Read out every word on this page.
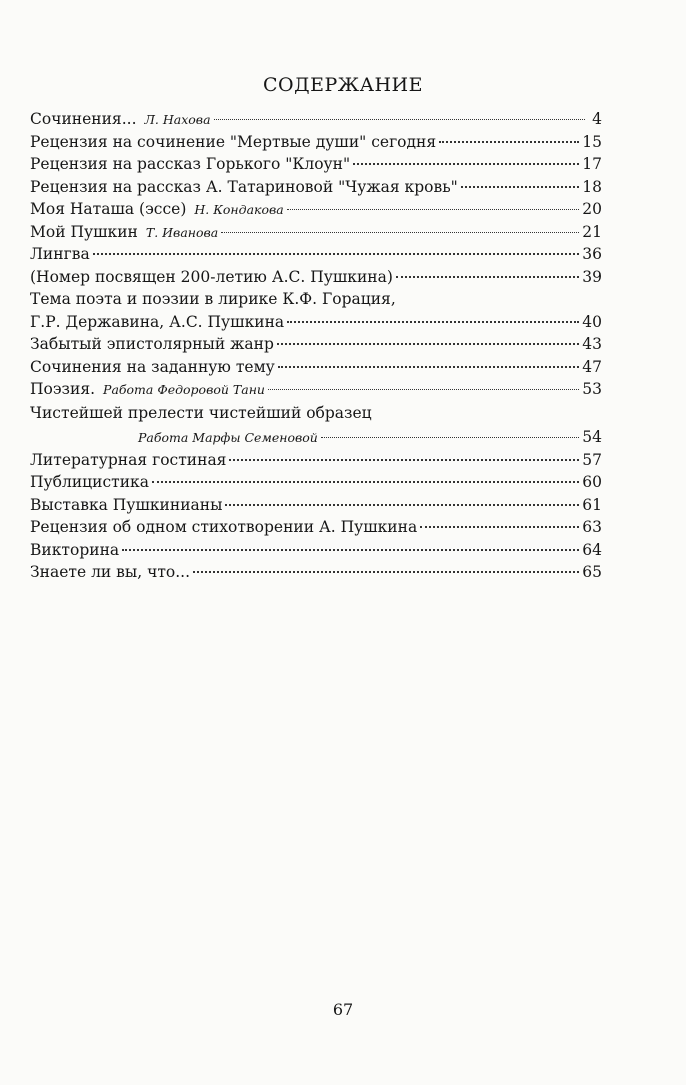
СОДЕРЖАНИЕ
Сочинения... Л. Нахова	4
Рецензия на сочинение "Мертвые души" сегодня	15
Рецензия на рассказ Горького "Клоун"	17
Рецензия на рассказ А. Татариновой "Чужая кровь"	18
Моя Наташа (эссе) Н. Кондакова	20
Мой Пушкин Т. Иванова	21
Лингва	36
(Номер посвящен 200-летию А.С. Пушкина)	39
Тема поэта и поэзии в лирике К.Ф. Горация,
Г.Р. Державина, А.С. Пушкина	40
Забытый эпистолярный жанр	43
Сочинения на заданную тему	47
Поэзия. Работа Федоровой Тани	53
Чистейшей прелести чистейший образец
Работа Марфы Семеновой	54
Литературная гостиная	57
Публицистика	60
Выставка Пушкинианы	61
Рецензия об одном стихотворении А. Пушкина	63
Викторина	64
Знаете ли вы, что...	65
67
